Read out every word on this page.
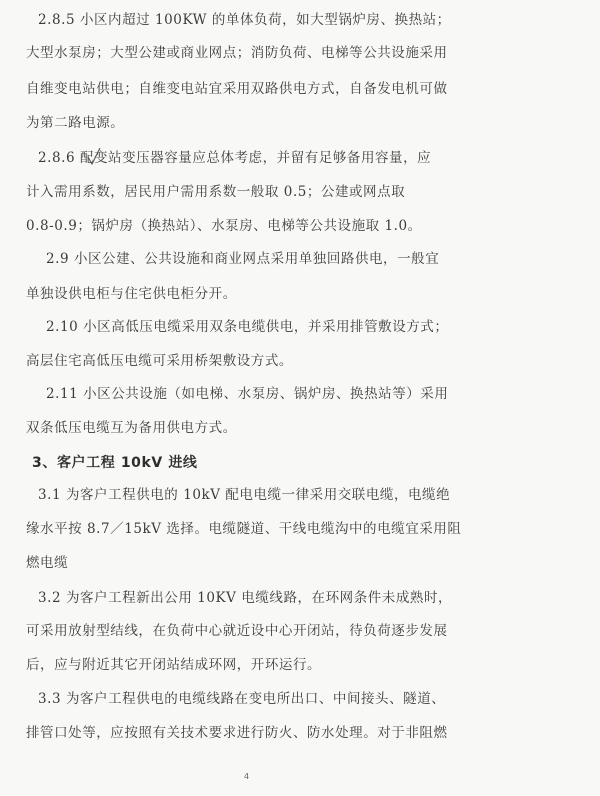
2.8.5 小区内超过 100KW 的单体负荷，如大型锅炉房、换热站；
大型水泵房；大型公建或商业网点；消防负荷、电梯等公共设施采用
自维变电站供电；自维变电站宜采用双路供电方式，自备发电机可做
为第二路电源。
2.8.6 配变站变压器容量应总体考虑，并留有足够备用容量，应
计入需用系数，居民用户需用系数一般取 0.5；公建或网点取
0.8-0.9；锅炉房（换热站）、水泵房、电梯等公共设施取 1.0。
2.9 小区公建、公共设施和商业网点采用单独回路供电，一般宜
单独设供电柜与住宅供电柜分开。
2.10 小区高低压电缆采用双条电缆供电，并采用排管敷设方式；
高层住宅高低压电缆可采用桥架敷设方式。
2.11 小区公共设施（如电梯、水泵房、锅炉房、换热站等）采用
双条低压电缆互为备用供电方式。
3、客户工程 10kV 进线
3.1 为客户工程供电的 10kV 配电电缆一律采用交联电缆，电缆绝
缘水平按 8.7／15kV 选择。电缆隧道、干线电缆沟中的电缆宜采用阻
燃电缆
3.2 为客户工程新出公用 10KV 电缆线路，在环网条件未成熟时，
可采用放射型结线，在负荷中心就近设中心开闭站，待负荷逐步发展
后，应与附近其它开闭站结成环网，开环运行。
3.3 为客户工程供电的电缆线路在变电所出口、中间接头、隧道、
排管口处等，应按照有关技术要求进行防火、防水处理。对于非阻燃
4
